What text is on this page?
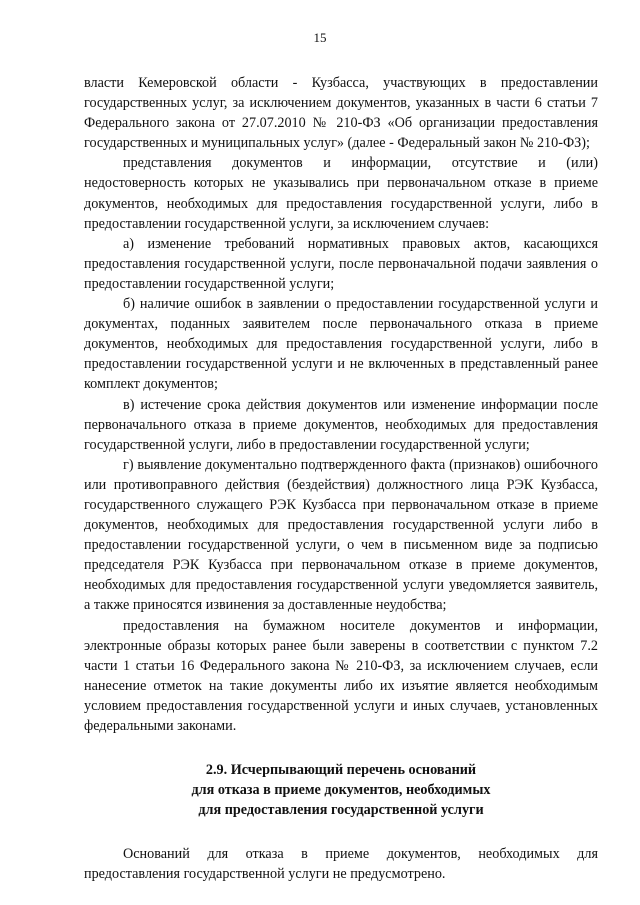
15

власти Кемеровской области - Кузбасса, участвующих в предоставлении государственных услуг, за исключением документов, указанных в части 6 статьи 7 Федерального закона от 27.07.2010 № 210-ФЗ «Об организации предоставления государственных и муниципальных услуг» (далее - Федеральный закон № 210-ФЗ);

представления документов и информации, отсутствие и (или) недостоверность которых не указывались при первоначальном отказе в приеме документов, необходимых для предоставления государственной услуги, либо в предоставлении государственной услуги, за исключением случаев:

а) изменение требований нормативных правовых актов, касающихся предоставления государственной услуги, после первоначальной подачи заявления о предоставлении государственной услуги;

б) наличие ошибок в заявлении о предоставлении государственной услуги и документах, поданных заявителем после первоначального отказа в приеме документов, необходимых для предоставления государственной услуги, либо в предоставлении государственной услуги и не включенных в представленный ранее комплект документов;

в) истечение срока действия документов или изменение информации после первоначального отказа в приеме документов, необходимых для предоставления государственной услуги, либо в предоставлении государственной услуги;

г) выявление документально подтвержденного факта (признаков) ошибочного или противоправного действия (бездействия) должностного лица РЭК Кузбасса, государственного служащего РЭК Кузбасса при первоначальном отказе в приеме документов, необходимых для предоставления государственной услуги либо в предоставлении государственной услуги, о чем в письменном виде за подписью председателя РЭК Кузбасса при первоначальном отказе в приеме документов, необходимых для предоставления государственной услуги уведомляется заявитель, а также приносятся извинения за доставленные неудобства;

предоставления на бумажном носителе документов и информации, электронные образы которых ранее были заверены в соответствии с пунктом 7.2 части 1 статьи 16 Федерального закона № 210-ФЗ, за исключением случаев, если нанесение отметок на такие документы либо их изъятие является необходимым условием предоставления государственной услуги и иных случаев, установленных федеральными законами.

2.9. Исчерпывающий перечень оснований
для отказа в приеме документов, необходимых
для предоставления государственной услуги

Оснований для отказа в приеме документов, необходимых для предоставления государственной услуги не предусмотрено.
